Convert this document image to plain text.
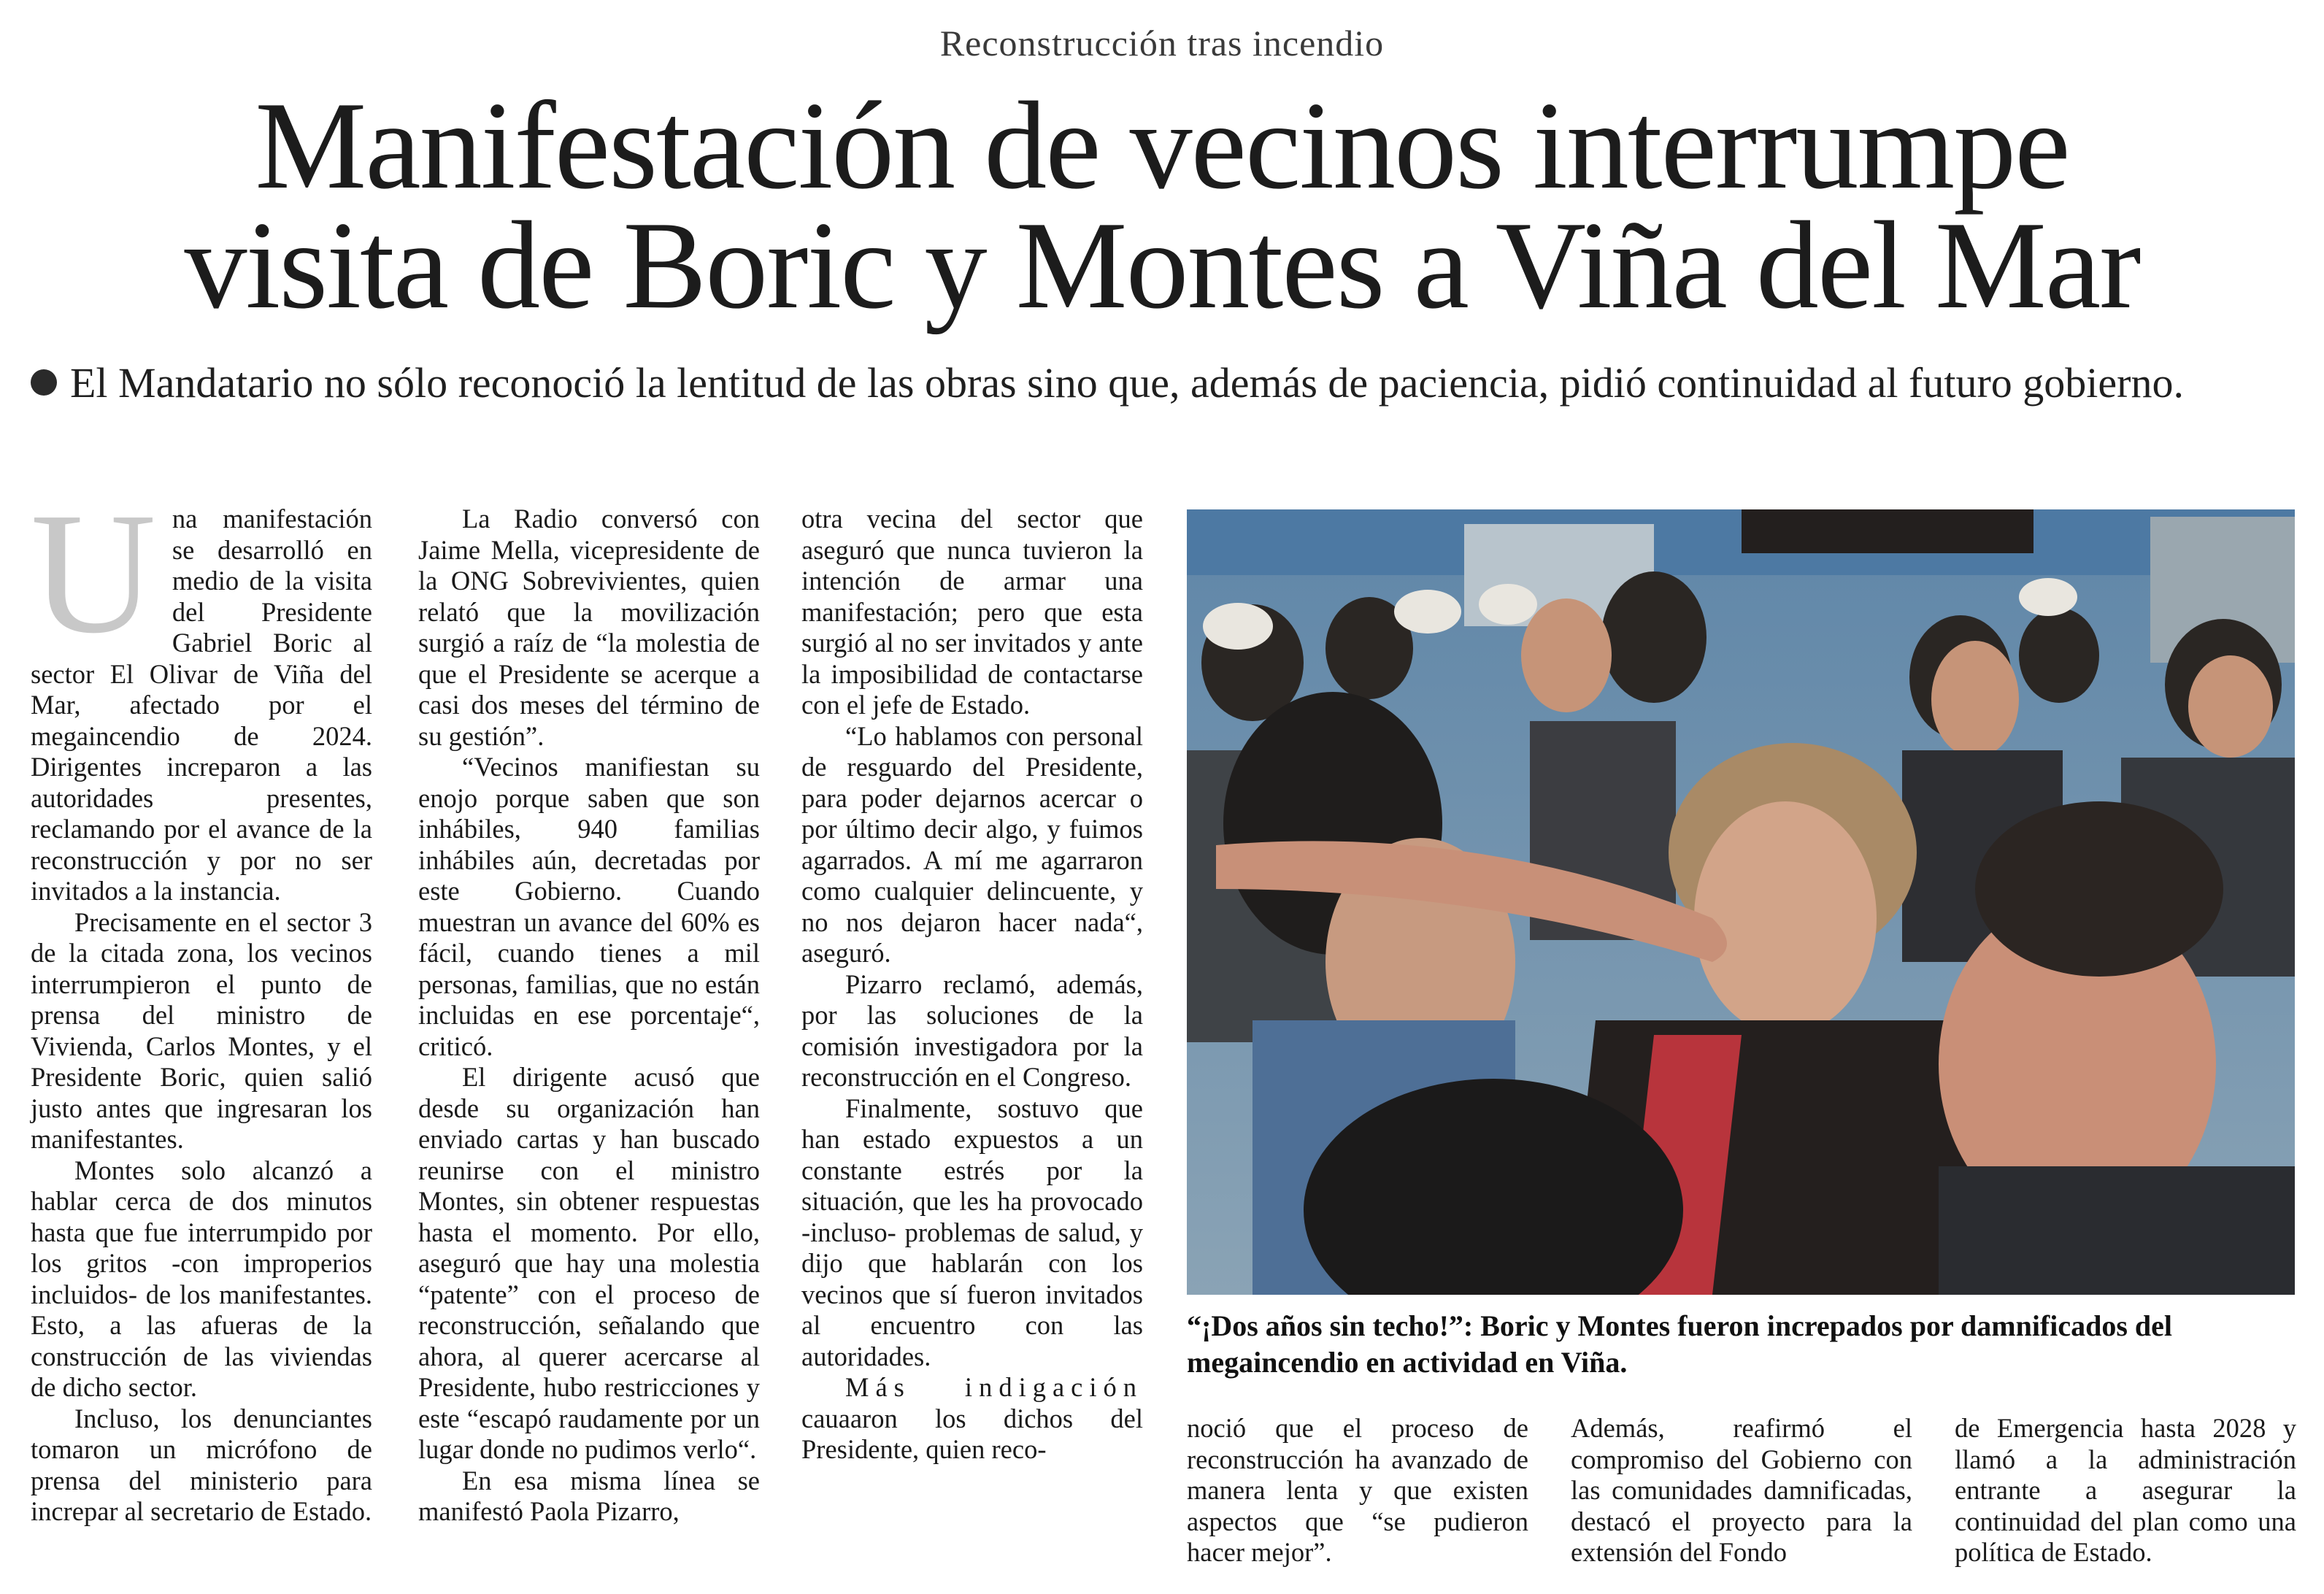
Reconstrucción tras incendio
Manifestación de vecinos interrumpe
visita de Boric y Montes a Viña del Mar
El Mandatario no sólo reconoció la lentitud de las obras sino que, además de paciencia, pidió continuidad al futuro gobierno.
U na manifestación se desarrolló en medio de la visita del Presidente Gabriel Boric al sector El Olivar de Viña del Mar, afectado por el megaincendio de 2024. Dirigentes increparon a las autoridades presentes, reclamando por el avance de la reconstrucción y por no ser invitados a la instancia.

Precisamente en el sector 3 de la citada zona, los vecinos interrumpieron el punto de prensa del ministro de Vivienda, Carlos Montes, y el Presidente Boric, quien salió justo antes que ingresaran los manifestantes.

Montes solo alcanzó a hablar cerca de dos minutos hasta que fue interrumpido por los gritos -con improperios incluidos- de los manifestantes. Esto, a las afueras de la construcción de las viviendas de dicho sector.

Incluso, los denunciantes tomaron un micrófono de prensa del ministerio para increpar al secretario de Estado.

La Radio conversó con Jaime Mella, vicepresidente de la ONG Sobrevivientes, quien relató que la movilización surgió a raíz de “la molestia de que el Presidente se acerque a casi dos meses del término de su gestión”.

“Vecinos manifiestan su enojo porque saben que son inhábiles, 940 familias inhábiles aún, decretadas por este Gobierno. Cuando muestran un avance del 60% es fácil, cuando tienes a mil personas, familias, que no están incluidas en ese porcentaje“, criticó.

El dirigente acusó que desde su organización han enviado cartas y han buscado reunirse con el ministro Montes, sin obtener respuestas hasta el momento. Por ello, aseguró que hay una molestia “patente” con el proceso de reconstrucción, señalando que ahora, al querer acercarse al Presidente, hubo restricciones y este “escapó raudamente por un lugar donde no pudimos verlo“.

En esa misma línea se manifestó Paola Pizarro,

otra vecina del sector que aseguró que nunca tuvieron la intención de armar una manifestación; pero que esta surgió al no ser invitados y ante la imposibilidad de contactarse con el jefe de Estado.

“Lo hablamos con personal de resguardo del Presidente, para poder dejarnos acercar o por último decir algo, y fuimos agarrados. A mí me agarraron como cualquier delincuente, y no nos dejaron hacer nada“, aseguró.

Pizarro reclamó, además, por las soluciones de la comisión investigadora por la reconstrucción en el Congreso.

Finalmente, sostuvo que han estado expuestos a un constante estrés por la situación, que les ha provocado -incluso- problemas de salud, y dijo que hablarán con los vecinos que sí fueron invitados al encuentro con las autoridades.

Más indigación cauaaron los dichos del Presidente, quien reco-

“¡Dos años sin techo!”: Boric y Montes fueron increpados por damnificados del megaincendio en actividad en Viña.

noció que el proceso de reconstrucción ha avanzado de manera lenta y que existen aspectos que “se pudieron hacer mejor”.

Además, reafirmó el compromiso del Gobierno con las comunidades damnificadas, destacó el proyecto para la extensión del Fondo

de Emergencia hasta 2028 y llamó a la administración entrante a asegurar la continuidad del plan como una política de Estado.
